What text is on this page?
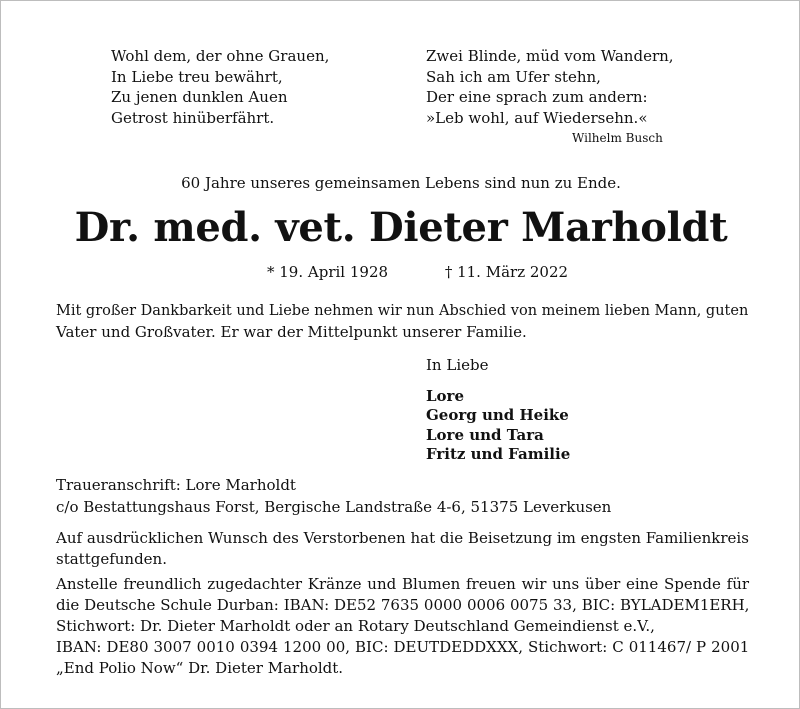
Wohl dem, der ohne Grauen,
In Liebe treu bewährt,
Zu jenen dunklen Auen
Getrost hinüberfährt.
Zwei Blinde, müd vom Wandern,
Sah ich am Ufer stehn,
Der eine sprach zum andern:
»Leb wohl, auf Wiedersehn.«
Wilhelm Busch
60 Jahre unseres gemeinsamen Lebens sind nun zu Ende.
Dr. med. vet. Dieter Marholdt
* 19. April 1928	† 11. März 2022
Mit großer Dankbarkeit und Liebe nehmen wir nun Abschied von meinem lieben Mann, guten
Vater und Großvater. Er war der Mittelpunkt unserer Familie.
In Liebe
Lore
Georg und Heike
Lore und Tara
Fritz und Familie
Traueranschrift: Lore Marholdt
c/o Bestattungshaus Forst, Bergische Landstraße 4-6, 51375 Leverkusen
Auf ausdrücklichen Wunsch des Verstorbenen hat die Beisetzung im engsten Familienkreis
stattgefunden.
Anstelle freundlich zugedachter Kränze und Blumen freuen wir uns über eine Spende für
die Deutsche Schule Durban: IBAN: DE52 7635 0000 0006 0075 33, BIC: BYLADEM1ERH,
Stichwort: Dr. Dieter Marholdt oder an Rotary Deutschland Gemeindienst e.V.,
IBAN: DE80 3007 0010 0394 1200 00, BIC: DEUTDEDDXXX, Stichwort: C 011467/ P 2001
„End Polio Now“ Dr. Dieter Marholdt.
